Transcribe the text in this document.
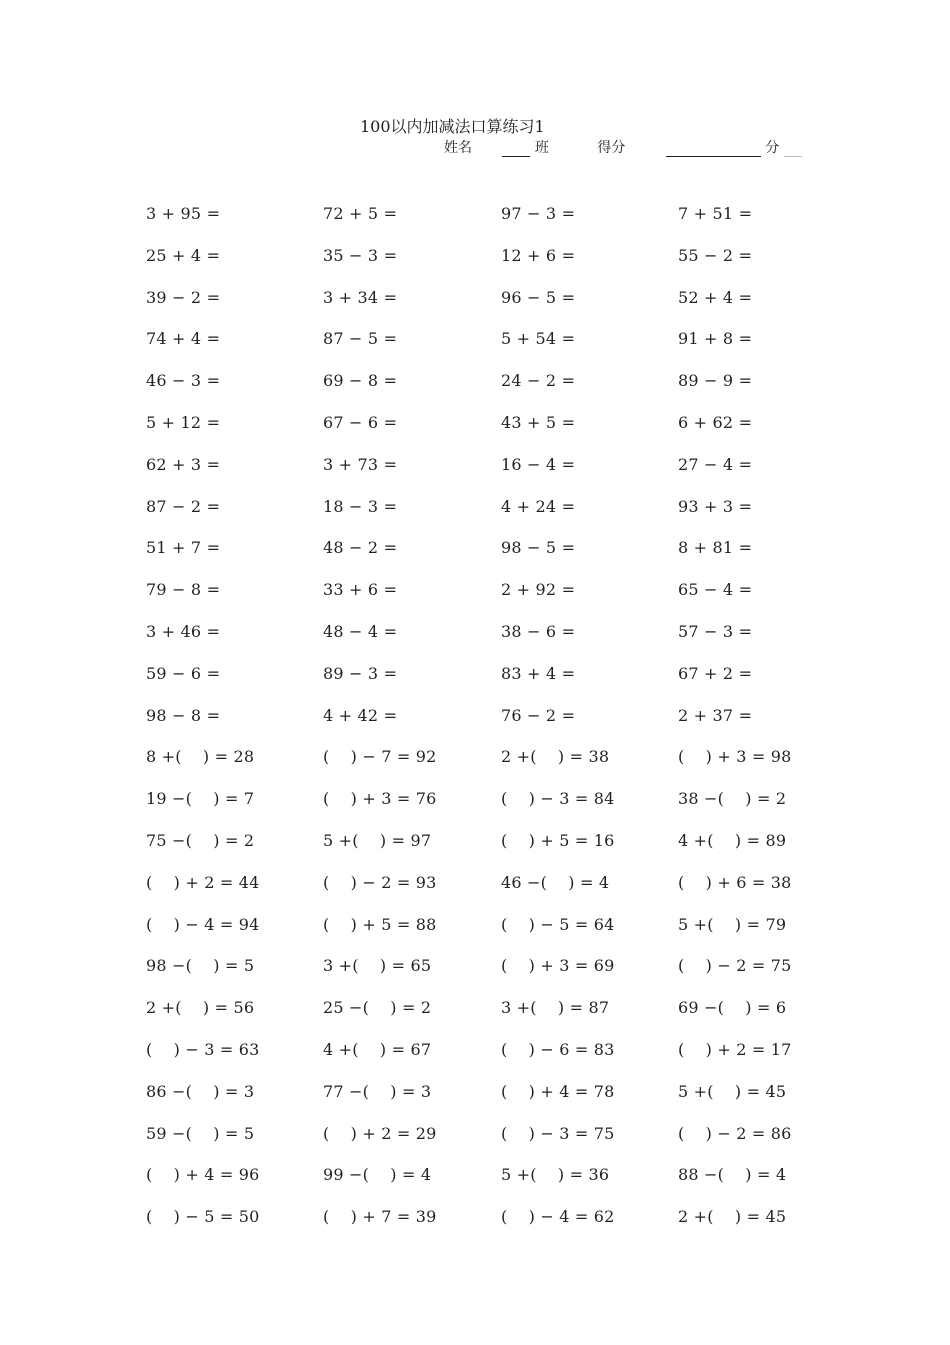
100以内加减法口算练习1
姓名	班	得分	分
3 + 95 =	72 + 5 =	97 − 3 =	7 + 51 =
25 + 4 =	35 − 3 =	12 + 6 =	55 − 2 =
39 − 2 =	3 + 34 =	96 − 5 =	52 + 4 =
74 + 4 =	87 − 5 =	5 + 54 =	91 + 8 =
46 − 3 =	69 − 8 =	24 − 2 =	89 − 9 =
5 + 12 =	67 − 6 =	43 + 5 =	6 + 62 =
62 + 3 =	3 + 73 =	16 − 4 =	27 − 4 =
87 − 2 =	18 − 3 =	4 + 24 =	93 + 3 =
51 + 7 =	48 − 2 =	98 − 5 =	8 + 81 =
79 − 8 =	33 + 6 =	2 + 92 =	65 − 4 =
3 + 46 =	48 − 4 =	38 − 6 =	57 − 3 =
59 − 6 =	89 − 3 =	83 + 4 =	67 + 2 =
98 − 8 =	4 + 42 =	76 − 2 =	2 + 37 =
8 +(    ) = 28	(    ) − 7 = 92	2 +(    ) = 38	(    ) + 3 = 98
19 −(    ) = 7	(    ) + 3 = 76	(    ) − 3 = 84	38 −(    ) = 2
75 −(    ) = 2	5 +(    ) = 97	(    ) + 5 = 16	4 +(    ) = 89
(    ) + 2 = 44	(    ) − 2 = 93	46 −(    ) = 4	(    ) + 6 = 38
(    ) − 4 = 94	(    ) + 5 = 88	(    ) − 5 = 64	5 +(    ) = 79
98 −(    ) = 5	3 +(    ) = 65	(    ) + 3 = 69	(    ) − 2 = 75
2 +(    ) = 56	25 −(    ) = 2	3 +(    ) = 87	69 −(    ) = 6
(    ) − 3 = 63	4 +(    ) = 67	(    ) − 6 = 83	(    ) + 2 = 17
86 −(    ) = 3	77 −(    ) = 3	(    ) + 4 = 78	5 +(    ) = 45
59 −(    ) = 5	(    ) + 2 = 29	(    ) − 3 = 75	(    ) − 2 = 86
(    ) + 4 = 96	99 −(    ) = 4	5 +(    ) = 36	88 −(    ) = 4
(    ) − 5 = 50	(    ) + 7 = 39	(    ) − 4 = 62	2 +(    ) = 45
